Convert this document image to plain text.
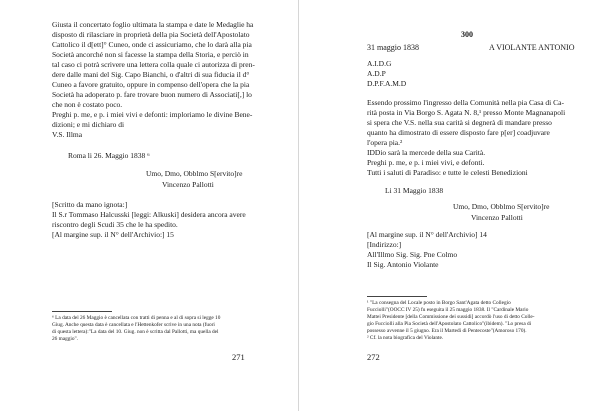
Giusta il concertato foglio ultimata la stampa e date le Medaglie ha
disposto di rilasciare in proprietà della pia Società dell'Apostolato
Cattolico il d[ett]° Cuneo, onde ci assicuriamo, che lo darà alla pia
Società ancorché non si facesse la stampa della Storia, e perciò in
tal caso ci potrà scrivere una lettera colla quale ci autorizza di pren-
dere dalle mani del Sig. Capo Bianchi, o d'altri di sua fiducia il d°
Cuneo a favore gratuito, oppure in compenso dell'opera che la pia
Società ha adoperato p. fare trovare buon numero di Associati[,] lo
che non è costato poco.
Preghi p. me, e p. i miei vivi e defonti: imploriamo le divine Bene-
dizioni; e mi dichiaro di
V.S. Illma
Roma li 26. Maggio 1838 ⁶
Umo, Dmo, Obblmo S[ervito]re
Vincenzo Pallotti
[Scritto da mano ignota:]
Il S.r Tommaso Halcusski [leggi: Alkuski] desidera ancora avere
riscontro degli Scudi 35 che le ha spedito.
[Al margine sup. il N° dell'Archivio:] 15
⁶ La data del 26 Maggio è cancellata con tratti di penna e al di sopra si legge 10
Giug. Anche questa data è cancellata e l'Hettenkofer scrive in una nota (fuori
di questa lettera):"La data del 10. Giug. non è scritta dal Pallotti, ma quella del
26 maggio".
271
300
31 maggio 1838	A VIOLANTE ANTONIO
A.I.D.G
A.D.P
D.P.F.A.M.D
Essendo prossimo l'ingresso della Comunità nella pia Casa di Ca-
rità posta in Via Borgo S. Agata N. 8,¹ presso Monte Magnanapoli
si spera che V.S. nella sua carità si degnerà di mandare presso
quanto ha dimostrato di essere disposto fare p[er] coadjuvare
l'opera pia.²
IDDio sarà la mercede della sua Carità.
Preghi p. me, e p. i miei vivi, e defonti.
Tutti i saluti di Paradiso: e tutte le celesti Benedizioni
Li 31 Maggio 1838
Umo, Dmo, Obblmo S[ervito]re
Vincenzo Pallotti
[Al margine sup. il N° dell'Archivio] 14
[Indirizzo:]
All'Illmo Sig. Sig. Pne Colmo
Il Sig. Antonio Violante
¹ "La consegna del Locale posto in Borgo Sant'Agata detto Collegio
Fucciolli"(OOCC IV 25) fu eseguita il 25 maggio 1838. Il "Cardinale Mario
Mattei Presidente [della Commissione dei sussidi] accordò l'uso di detto Colle-
gio Fucciolli alla Pia Società dell'Apostolato Cattolico"(ibidem). "Lo presa di
possesso avvenne il 5 giugno. Era il Martedì di Pentecoste"(Amoroso 170).
² Cf. la nota biografica del Violante.
272
